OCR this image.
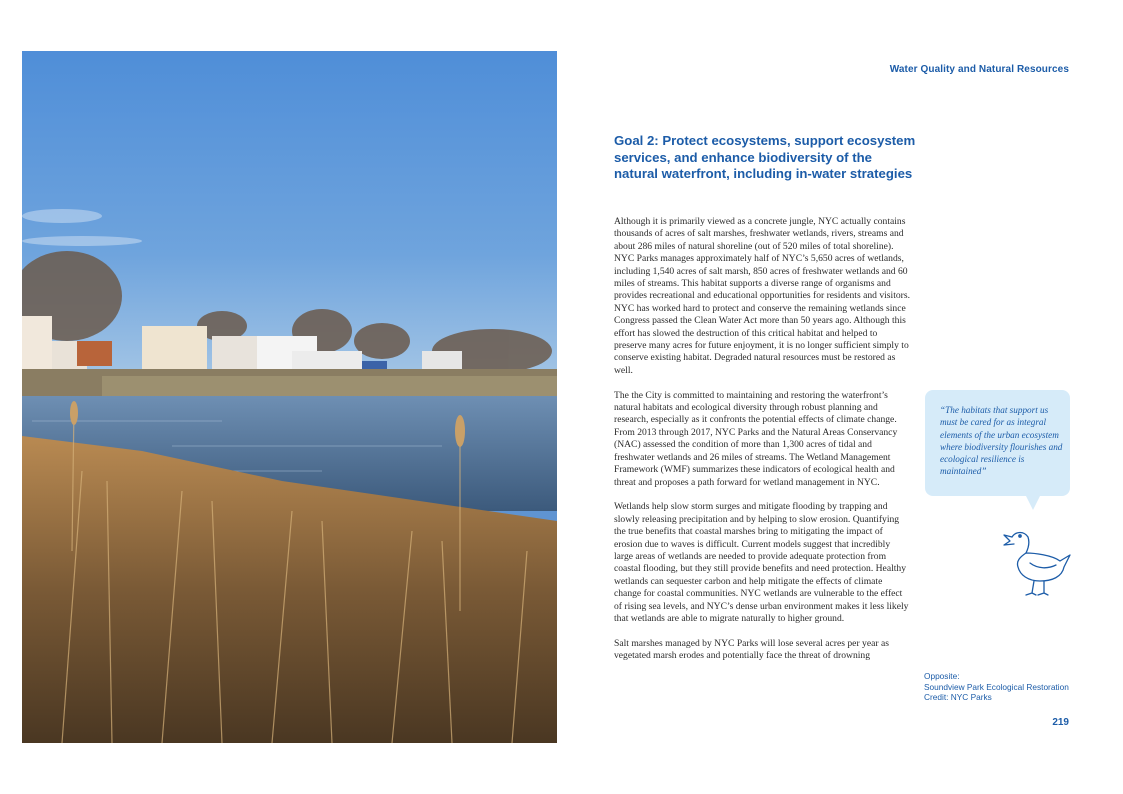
Water Quality and Natural Resources
Goal 2: Protect ecosystems, support ecosystem services, and enhance biodiversity of the natural waterfront, including in-water strategies

Although it is primarily viewed as a concrete jungle, NYC actually contains thousands of acres of salt marshes, freshwater wetlands, rivers, streams and about 286 miles of natural shoreline (out of 520 miles of total shoreline). NYC Parks manages approximately half of NYC’s 5,650 acres of wetlands, including 1,540 acres of salt marsh, 850 acres of freshwater wetlands and 60 miles of streams. This habitat supports a diverse range of organisms and provides recreational and educational opportunities for residents and visitors. NYC has worked hard to protect and conserve the remaining wetlands since Congress passed the Clean Water Act more than 50 years ago. Although this effort has slowed the destruction of this critical habitat and helped to preserve many acres for future enjoyment, it is no longer sufficient simply to conserve existing habitat. Degraded natural resources must be restored as well.

The the City is committed to maintaining and restoring the waterfront’s natural habitats and ecological diversity through robust planning and research, especially as it confronts the potential effects of climate change. From 2013 through 2017, NYC Parks and the Natural Areas Conservancy (NAC) assessed the condition of more than 1,300 acres of tidal and freshwater wetlands and 26 miles of streams. The Wetland Management Framework (WMF) summarizes these indicators of ecological health and threat and proposes a path forward for wetland management in NYC.

Wetlands help slow storm surges and mitigate flooding by trapping and slowly releasing precipitation and by helping to slow erosion. Quantifying the true benefits that coastal marshes bring to mitigating the impact of erosion due to waves is difficult. Current models suggest that incredibly large areas of wetlands are needed to provide adequate protection from coastal flooding, but they still provide benefits and need protection. Healthy wetlands can sequester carbon and help mitigate the effects of climate change for coastal communities. NYC wetlands are vulnerable to the effect of rising sea levels, and NYC’s dense urban environment makes it less likely that wetlands are able to migrate naturally to higher ground.

Salt marshes managed by NYC Parks will lose several acres per year as vegetated marsh erodes and potentially face the threat of drowning

“The habitats that support us must be cared for as integral elements of the urban ecosystem where biodiversity flourishes and ecological resilience is maintained”
Opposite:
Soundview Park Ecological Restoration
Credit: NYC Parks
219
